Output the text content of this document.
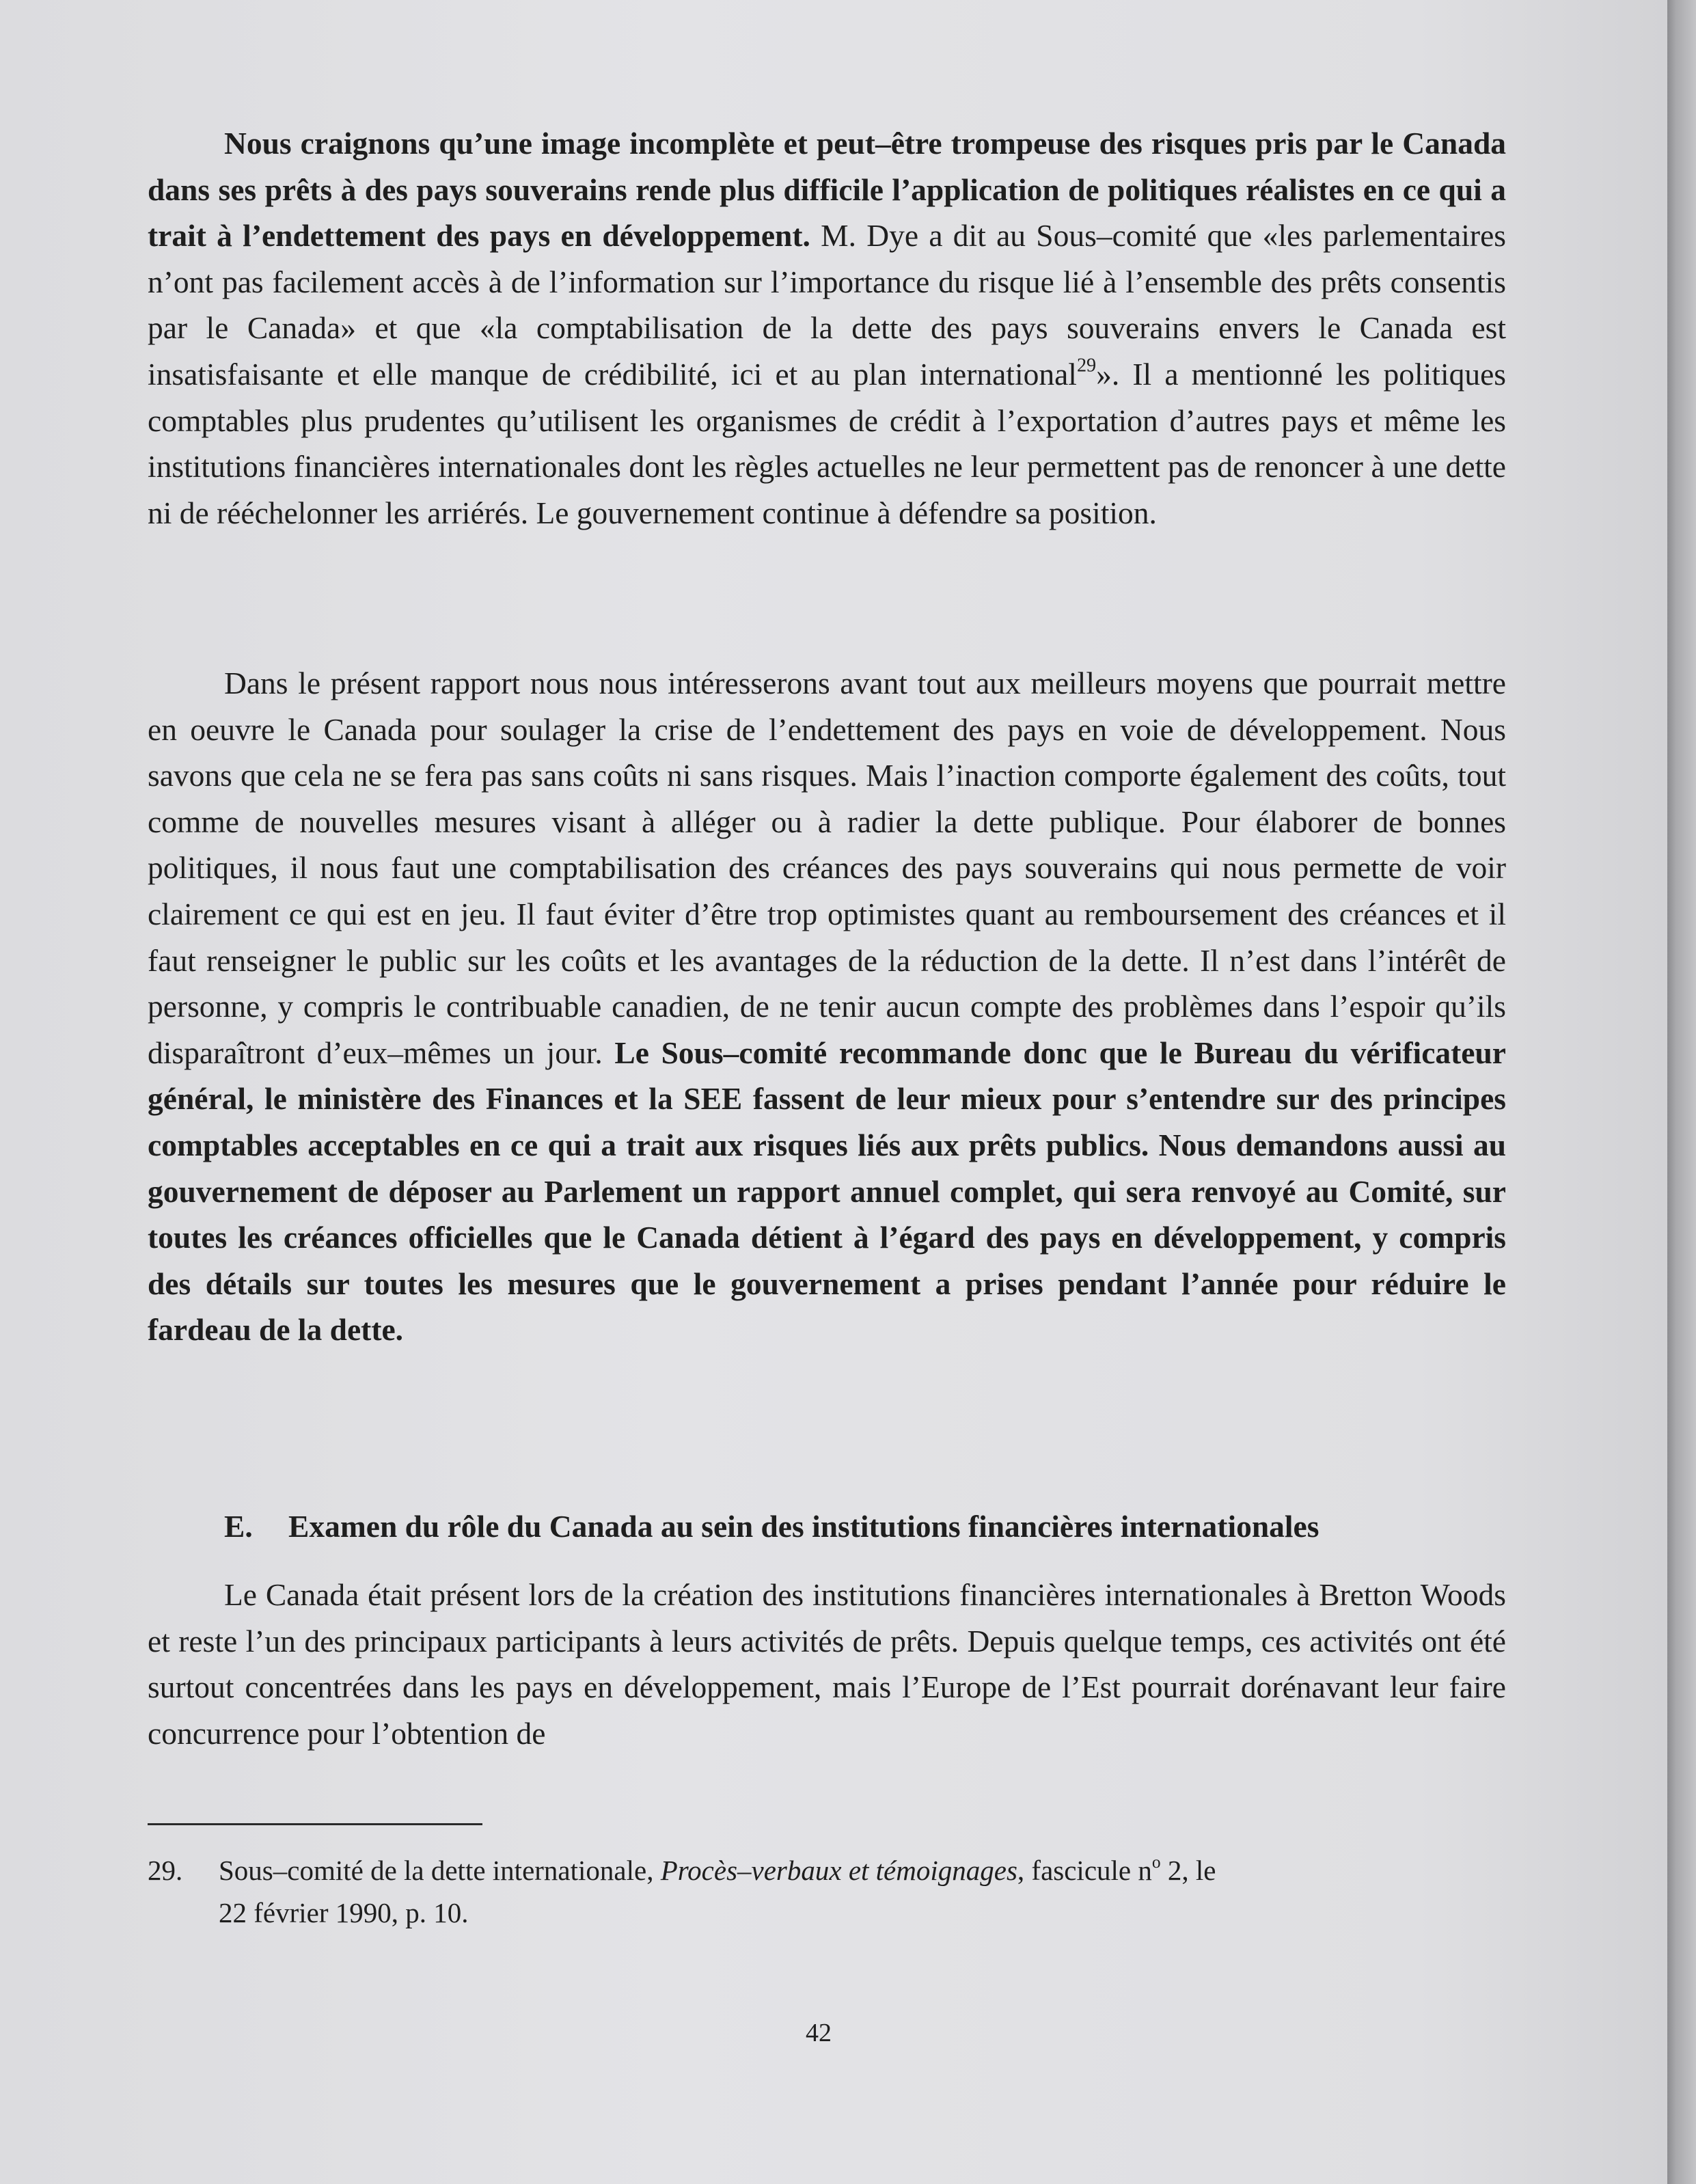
Nous craignons qu’une image incomplète et peut–être trompeuse des risques pris par le Canada dans ses prêts à des pays souverains rende plus difficile l’application de politiques réalistes en ce qui a trait à l’endettement des pays en développement. M. Dye a dit au Sous–comité que «les parlementaires n’ont pas facilement accès à de l’information sur l’importance du risque lié à l’ensemble des prêts consentis par le Canada» et que «la comptabilisation de la dette des pays souverains envers le Canada est insatisfaisante et elle manque de crédibilité, ici et au plan international$^{29}$». Il a mentionné les politiques comptables plus prudentes qu’utilisent les organismes de crédit à l’exportation d’autres pays et même les institutions financières internationales dont les règles actuelles ne leur permettent pas de renoncer à une dette ni de rééchelonner les arriérés. Le gouvernement continue à défendre sa position.

Dans le présent rapport nous nous intéresserons avant tout aux meilleurs moyens que pourrait mettre en oeuvre le Canada pour soulager la crise de l’endettement des pays en voie de développement. Nous savons que cela ne se fera pas sans coûts ni sans risques. Mais l’inaction comporte également des coûts, tout comme de nouvelles mesures visant à alléger ou à radier la dette publique. Pour élaborer de bonnes politiques, il nous faut une comptabilisation des créances des pays souverains qui nous permette de voir clairement ce qui est en jeu. Il faut éviter d’être trop optimistes quant au remboursement des créances et il faut renseigner le public sur les coûts et les avantages de la réduction de la dette. Il n’est dans l’intérêt de personne, y compris le contribuable canadien, de ne tenir aucun compte des problèmes dans l’espoir qu’ils disparaîtront d’eux–mêmes un jour. Le Sous–comité recommande donc que le Bureau du vérificateur général, le ministère des Finances et la SEE fassent de leur mieux pour s’entendre sur des principes comptables acceptables en ce qui a trait aux risques liés aux prêts publics. Nous demandons aussi au gouvernement de déposer au Parlement un rapport annuel complet, qui sera renvoyé au Comité, sur toutes les créances officielles que le Canada détient à l’égard des pays en développement, y compris des détails sur toutes les mesures que le gouvernement a prises pendant l’année pour réduire le fardeau de la dette.

E. Examen du rôle du Canada au sein des institutions financières internationales

Le Canada était présent lors de la création des institutions financières internationales à Bretton Woods et reste l’un des principaux participants à leurs activités de prêts. Depuis quelque temps, ces activités ont été surtout concentrées dans les pays en développement, mais l’Europe de l’Est pourrait dorénavant leur faire concurrence pour l’obtention de

29. Sous–comité de la dette internationale, Procès–verbaux et témoignages, fascicule $n^o$ 2, le
22 février 1990, p. 10.
42
